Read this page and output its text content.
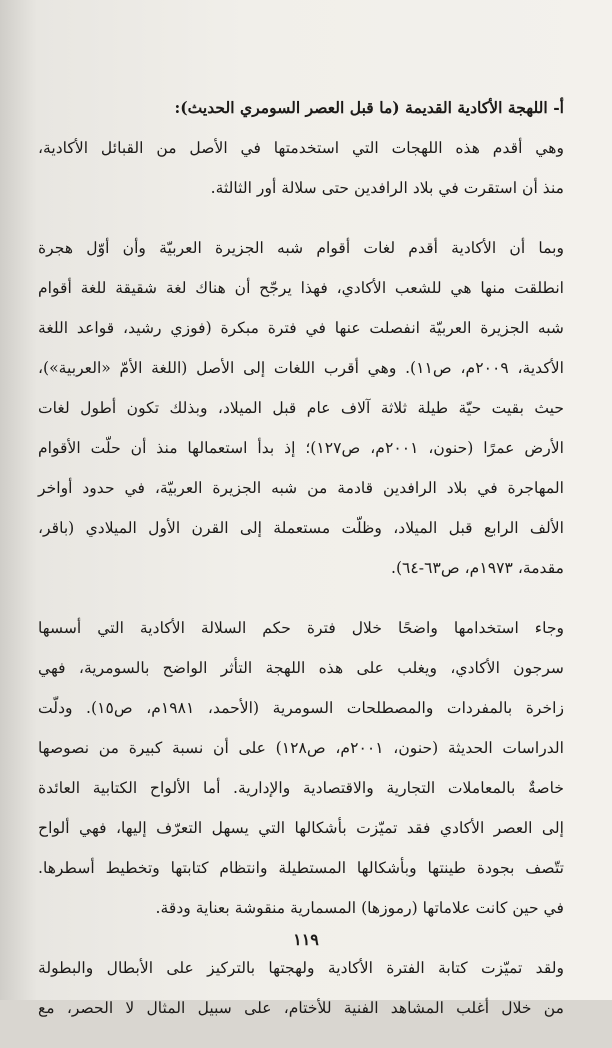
أ- اللهجة الأكادية القديمة (ما قبل العصر السومري الحديث):

وهي أقدم هذه اللهجات التي استخدمتها في الأصل من القبائل الأكادية،
منذ أن استقرت في بلاد الرافدين حتى سلالة أور الثالثة.

وبما أن الأكادية أقدم لغات أقوام شبه الجزيرة العربيّة وأن أوّل هجرة
انطلقت منها هي للشعب الأكادي، فهذا يرجّح أن هناك لغة شقيقة للغة أقوام
شبه الجزيرة العربيّة انفصلت عنها في فترة مبكرة (فوزي رشيد، قواعد اللغة
الأكدية، ٢٠٠٩م، ص١١). وهي أقرب اللغات إلى الأصل (اللغة الأمّ «العربية»)،
حيث بقيت حيّة طيلة ثلاثة آلاف عام قبل الميلاد، وبذلك تكون أطول لغات
الأرض عمرًا (حنون، ٢٠٠١م، ص١٢٧)؛ إذ بدأ استعمالها منذ أن حلّت الأقوام
المهاجرة في بلاد الرافدين قادمة من شبه الجزيرة العربيّة، في حدود أواخر
الألف الرابع قبل الميلاد، وظلّت مستعملة إلى القرن الأول الميلادي (باقر،
مقدمة، ١٩٧٣م، ص٦٣-٦٤).

وجاء استخدامها واضحًا خلال فترة حكم السلالة الأكادية التي أسسها
سرجون الأكادي، ويغلب على هذه اللهجة التأثر الواضح بالسومرية، فهي
زاخرة بالمفردات والمصطلحات السومرية (الأحمد، ١٩٨١م، ص١٥). ودلّت
الدراسات الحديثة (حنون، ٢٠٠١م، ص١٢٨) على أن نسبة كبيرة من نصوصها
خاصةٌ بالمعاملات التجارية والاقتصادية والإدارية. أما الألواح الكتابية العائدة
إلى العصر الأكادي فقد تميّزت بأشكالها التي يسهل التعرّف إليها، فهي ألواح
تتّصف بجودة طينتها وبأشكالها المستطيلة وانتظام كتابتها وتخطيط أسطرها.
في حين كانت علاماتها (رموزها) المسمارية منقوشة بعناية ودقة.

ولقد تميّزت كتابة الفترة الأكادية ولهجتها بالتركيز على الأبطال والبطولة
من خلال أغلب المشاهد الفنية للأختام، على سبيل المثال لا الحصر، مع

١١٩
